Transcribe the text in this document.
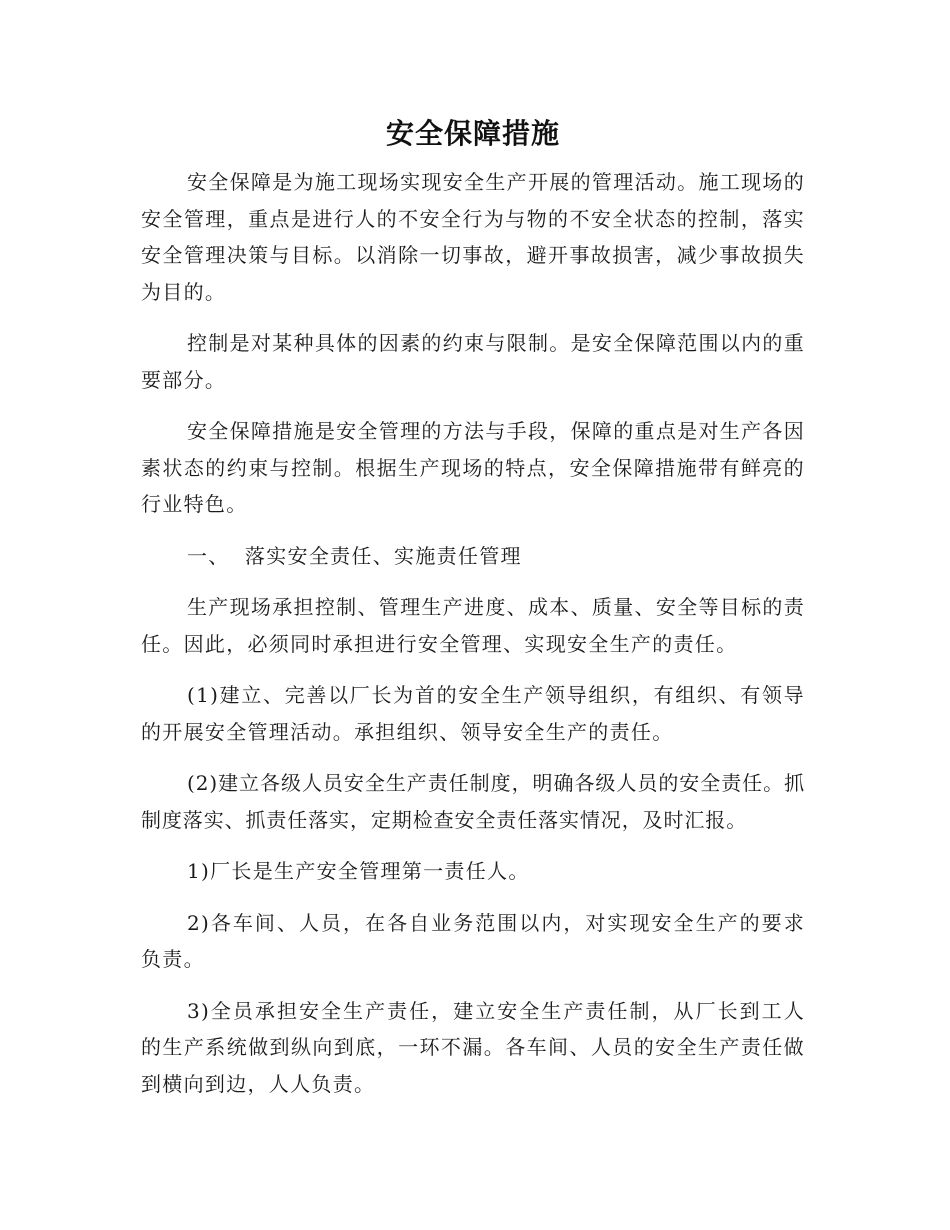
安全保障措施

安全保障是为施工现场实现安全生产开展的管理活动。施工现场的安全管理，重点是进行人的不安全行为与物的不安全状态的控制，落实安全管理决策与目标。以消除一切事故，避开事故损害，减少事故损失为目的。

控制是对某种具体的因素的约束与限制。是安全保障范围以内的重要部分。

安全保障措施是安全管理的方法与手段，保障的重点是对生产各因素状态的约束与控制。根据生产现场的特点，安全保障措施带有鲜亮的行业特色。

一、  落实安全责任、实施责任管理

生产现场承担控制、管理生产进度、成本、质量、安全等目标的责任。因此，必须同时承担进行安全管理、实现安全生产的责任。

(1)建立、完善以厂长为首的安全生产领导组织，有组织、有领导的开展安全管理活动。承担组织、领导安全生产的责任。

(2)建立各级人员安全生产责任制度，明确各级人员的安全责任。抓制度落实、抓责任落实，定期检查安全责任落实情况，及时汇报。

1)厂长是生产安全管理第一责任人。

2)各车间、人员，在各自业务范围以内，对实现安全生产的要求负责。

3)全员承担安全生产责任，建立安全生产责任制，从厂长到工人的生产系统做到纵向到底，一环不漏。各车间、人员的安全生产责任做到横向到边，人人负责。
